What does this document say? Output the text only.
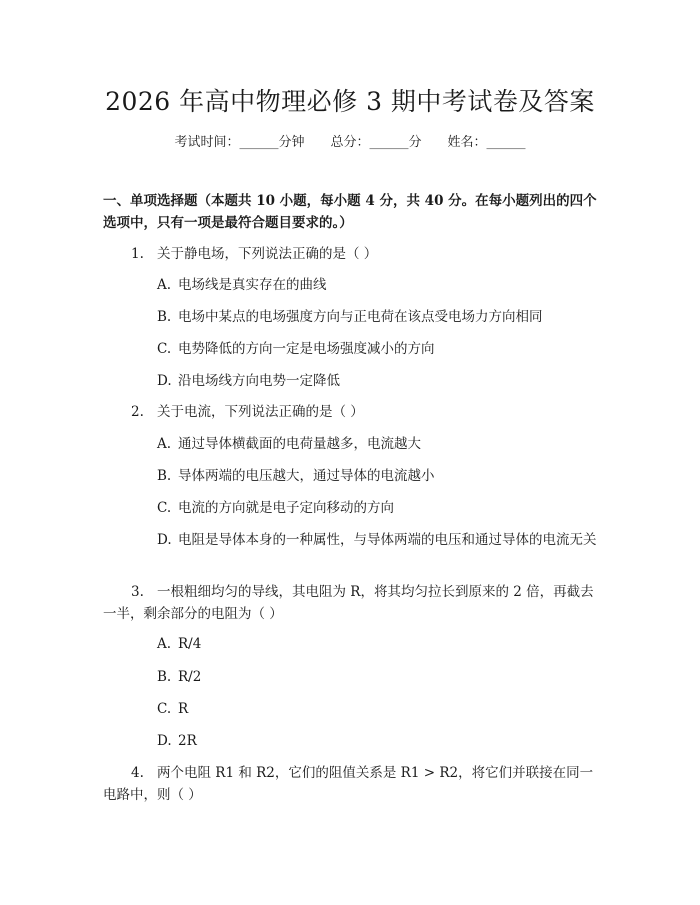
2026 年高中物理必修 3 期中考试卷及答案
考试时间：______分钟　　总分：______分　　姓名：______
一、单项选择题（本题共 10 小题，每小题 4 分，共 40 分。在每小题列出的四个选项中，只有一项是最符合题目要求的。）
1. 关于静电场，下列说法正确的是（ ）
A. 电场线是真实存在的曲线
B. 电场中某点的电场强度方向与正电荷在该点受电场力方向相同
C. 电势降低的方向一定是电场强度减小的方向
D. 沿电场线方向电势一定降低
2. 关于电流，下列说法正确的是（ ）
A. 通过导体横截面的电荷量越多，电流越大
B. 导体两端的电压越大，通过导体的电流越小
C. 电流的方向就是电子定向移动的方向
D. 电阻是导体本身的一种属性，与导体两端的电压和通过导体的电流无关
3. 一根粗细均匀的导线，其电阻为 R，将其均匀拉长到原来的 2 倍，再截去一半，剩余部分的电阻为（ ）
A. R/4
B. R/2
C. R
D. 2R
4. 两个电阻 R1 和 R2，它们的阻值关系是 R1 > R2，将它们并联接在同一电路中，则（ ）
